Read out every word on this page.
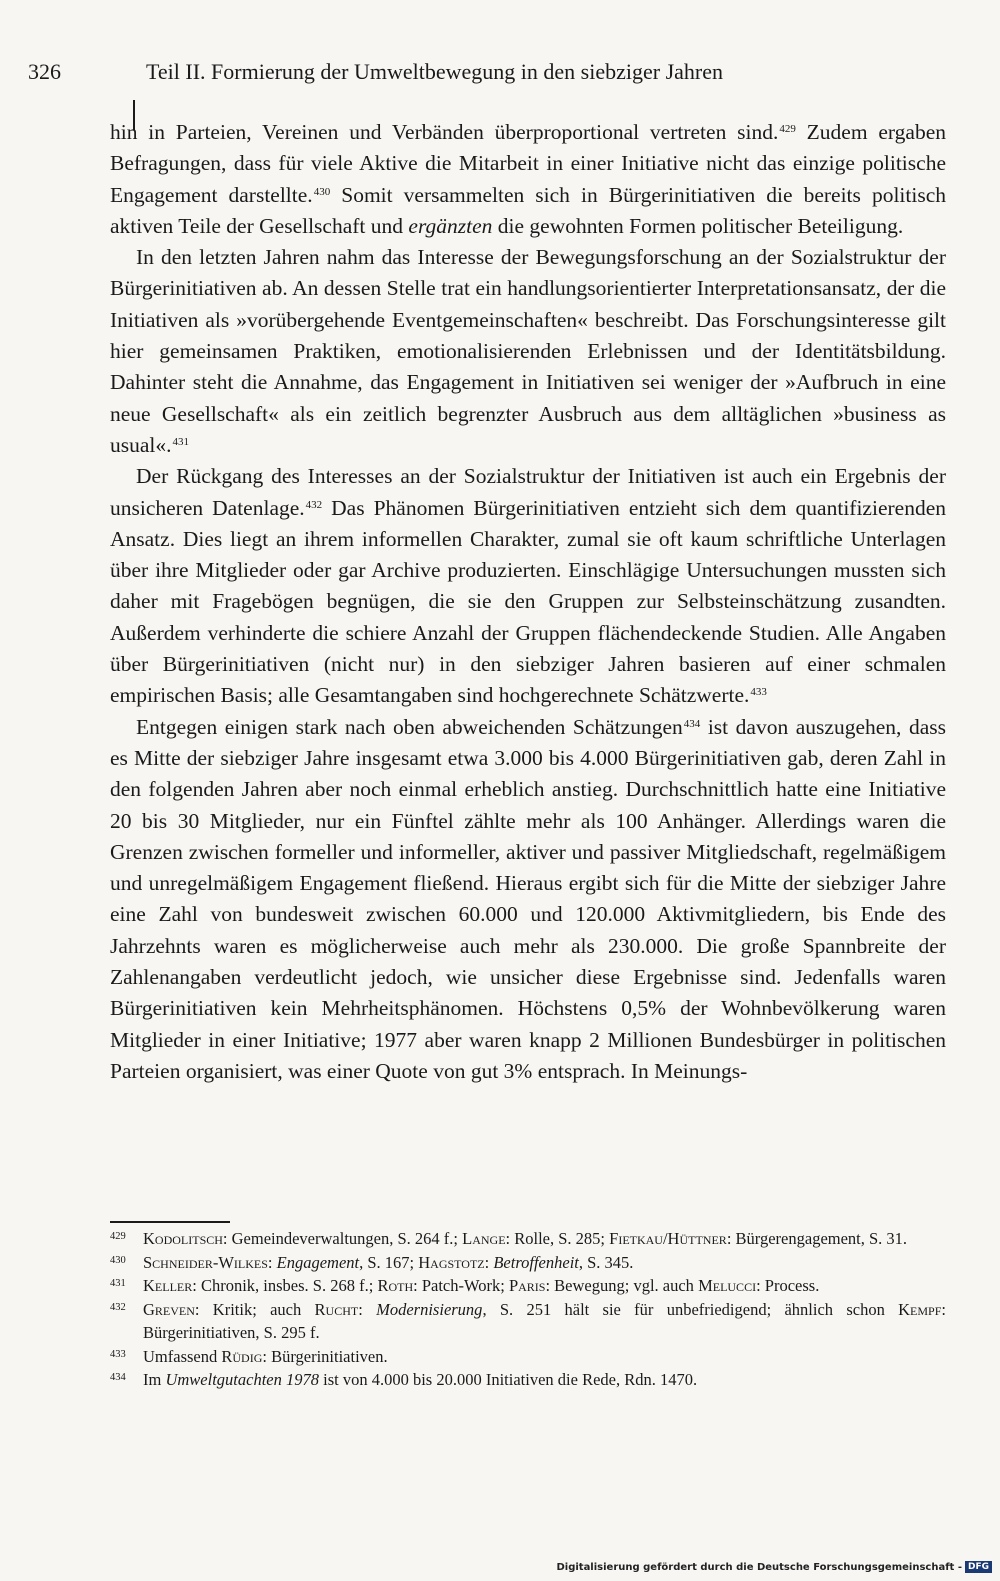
326	Teil II. Formierung der Umweltbewegung in den siebziger Jahren

hin in Parteien, Vereinen und Verbänden überproportional vertreten sind.$^{429}$ Zudem ergaben Befragungen, dass für viele Aktive die Mitarbeit in einer Initiative nicht das einzige politische Engagement darstellte.$^{430}$ Somit versammelten sich in Bürgerinitiativen die bereits politisch aktiven Teile der Gesellschaft und ergänzten die gewohnten Formen politischer Beteiligung.

In den letzten Jahren nahm das Interesse der Bewegungsforschung an der Sozialstruktur der Bürgerinitiativen ab. An dessen Stelle trat ein handlungsorientierter Interpretationsansatz, der die Initiativen als »vorübergehende Eventgemeinschaften« beschreibt. Das Forschungsinteresse gilt hier gemeinsamen Praktiken, emotionalisierenden Erlebnissen und der Identitätsbildung. Dahinter steht die Annahme, das Engagement in Initiativen sei weniger der »Aufbruch in eine neue Gesellschaft« als ein zeitlich begrenzter Ausbruch aus dem alltäglichen »business as usual«.$^{431}$

Der Rückgang des Interesses an der Sozialstruktur der Initiativen ist auch ein Ergebnis der unsicheren Datenlage.$^{432}$ Das Phänomen Bürgerinitiativen entzieht sich dem quantifizierenden Ansatz. Dies liegt an ihrem informellen Charakter, zumal sie oft kaum schriftliche Unterlagen über ihre Mitglieder oder gar Archive produzierten. Einschlägige Untersuchungen mussten sich daher mit Fragebögen begnügen, die sie den Gruppen zur Selbsteinschätzung zusandten. Außerdem verhinderte die schiere Anzahl der Gruppen flächendeckende Studien. Alle Angaben über Bürgerinitiativen (nicht nur) in den siebziger Jahren basieren auf einer schmalen empirischen Basis; alle Gesamtangaben sind hochgerechnete Schätzwerte.$^{433}$

Entgegen einigen stark nach oben abweichenden Schätzungen$^{434}$ ist davon auszugehen, dass es Mitte der siebziger Jahre insgesamt etwa 3.000 bis 4.000 Bürgerinitiativen gab, deren Zahl in den folgenden Jahren aber noch einmal erheblich anstieg. Durchschnittlich hatte eine Initiative 20 bis 30 Mitglieder, nur ein Fünftel zählte mehr als 100 Anhänger. Allerdings waren die Grenzen zwischen formeller und informeller, aktiver und passiver Mitgliedschaft, regelmäßigem und unregelmäßigem Engagement fließend. Hieraus ergibt sich für die Mitte der siebziger Jahre eine Zahl von bundesweit zwischen 60.000 und 120.000 Aktivmitgliedern, bis Ende des Jahrzehnts waren es möglicherweise auch mehr als 230.000. Die große Spannbreite der Zahlenangaben verdeutlicht jedoch, wie unsicher diese Ergebnisse sind. Jedenfalls waren Bürgerinitiativen kein Mehrheitsphänomen. Höchstens 0,5% der Wohnbevölkerung waren Mitglieder in einer Initiative; 1977 aber waren knapp 2 Millionen Bundesbürger in politischen Parteien organisiert, was einer Quote von gut 3% entsprach. In Meinungs-

429 Kodolitsch: Gemeindeverwaltungen, S. 264 f.; Lange: Rolle, S. 285; Fietkau/Hüttner: Bürgerengagement, S. 31.
430 Schneider-Wilkes: Engagement, S. 167; Hagstotz: Betroffenheit, S. 345.
431 Keller: Chronik, insbes. S. 268 f.; Roth: Patch-Work; Paris: Bewegung; vgl. auch Melucci: Process.
432 Greven: Kritik; auch Rucht: Modernisierung, S. 251 hält sie für unbefriedigend; ähnlich schon Kempf: Bürgerinitiativen, S. 295 f.
433 Umfassend Rüdig: Bürgerinitiativen.
434 Im Umweltgutachten 1978 ist von 4.000 bis 20.000 Initiativen die Rede, Rdn. 1470.
Digitalisierung gefördert durch die Deutsche Forschungsgemeinschaft - DFG
